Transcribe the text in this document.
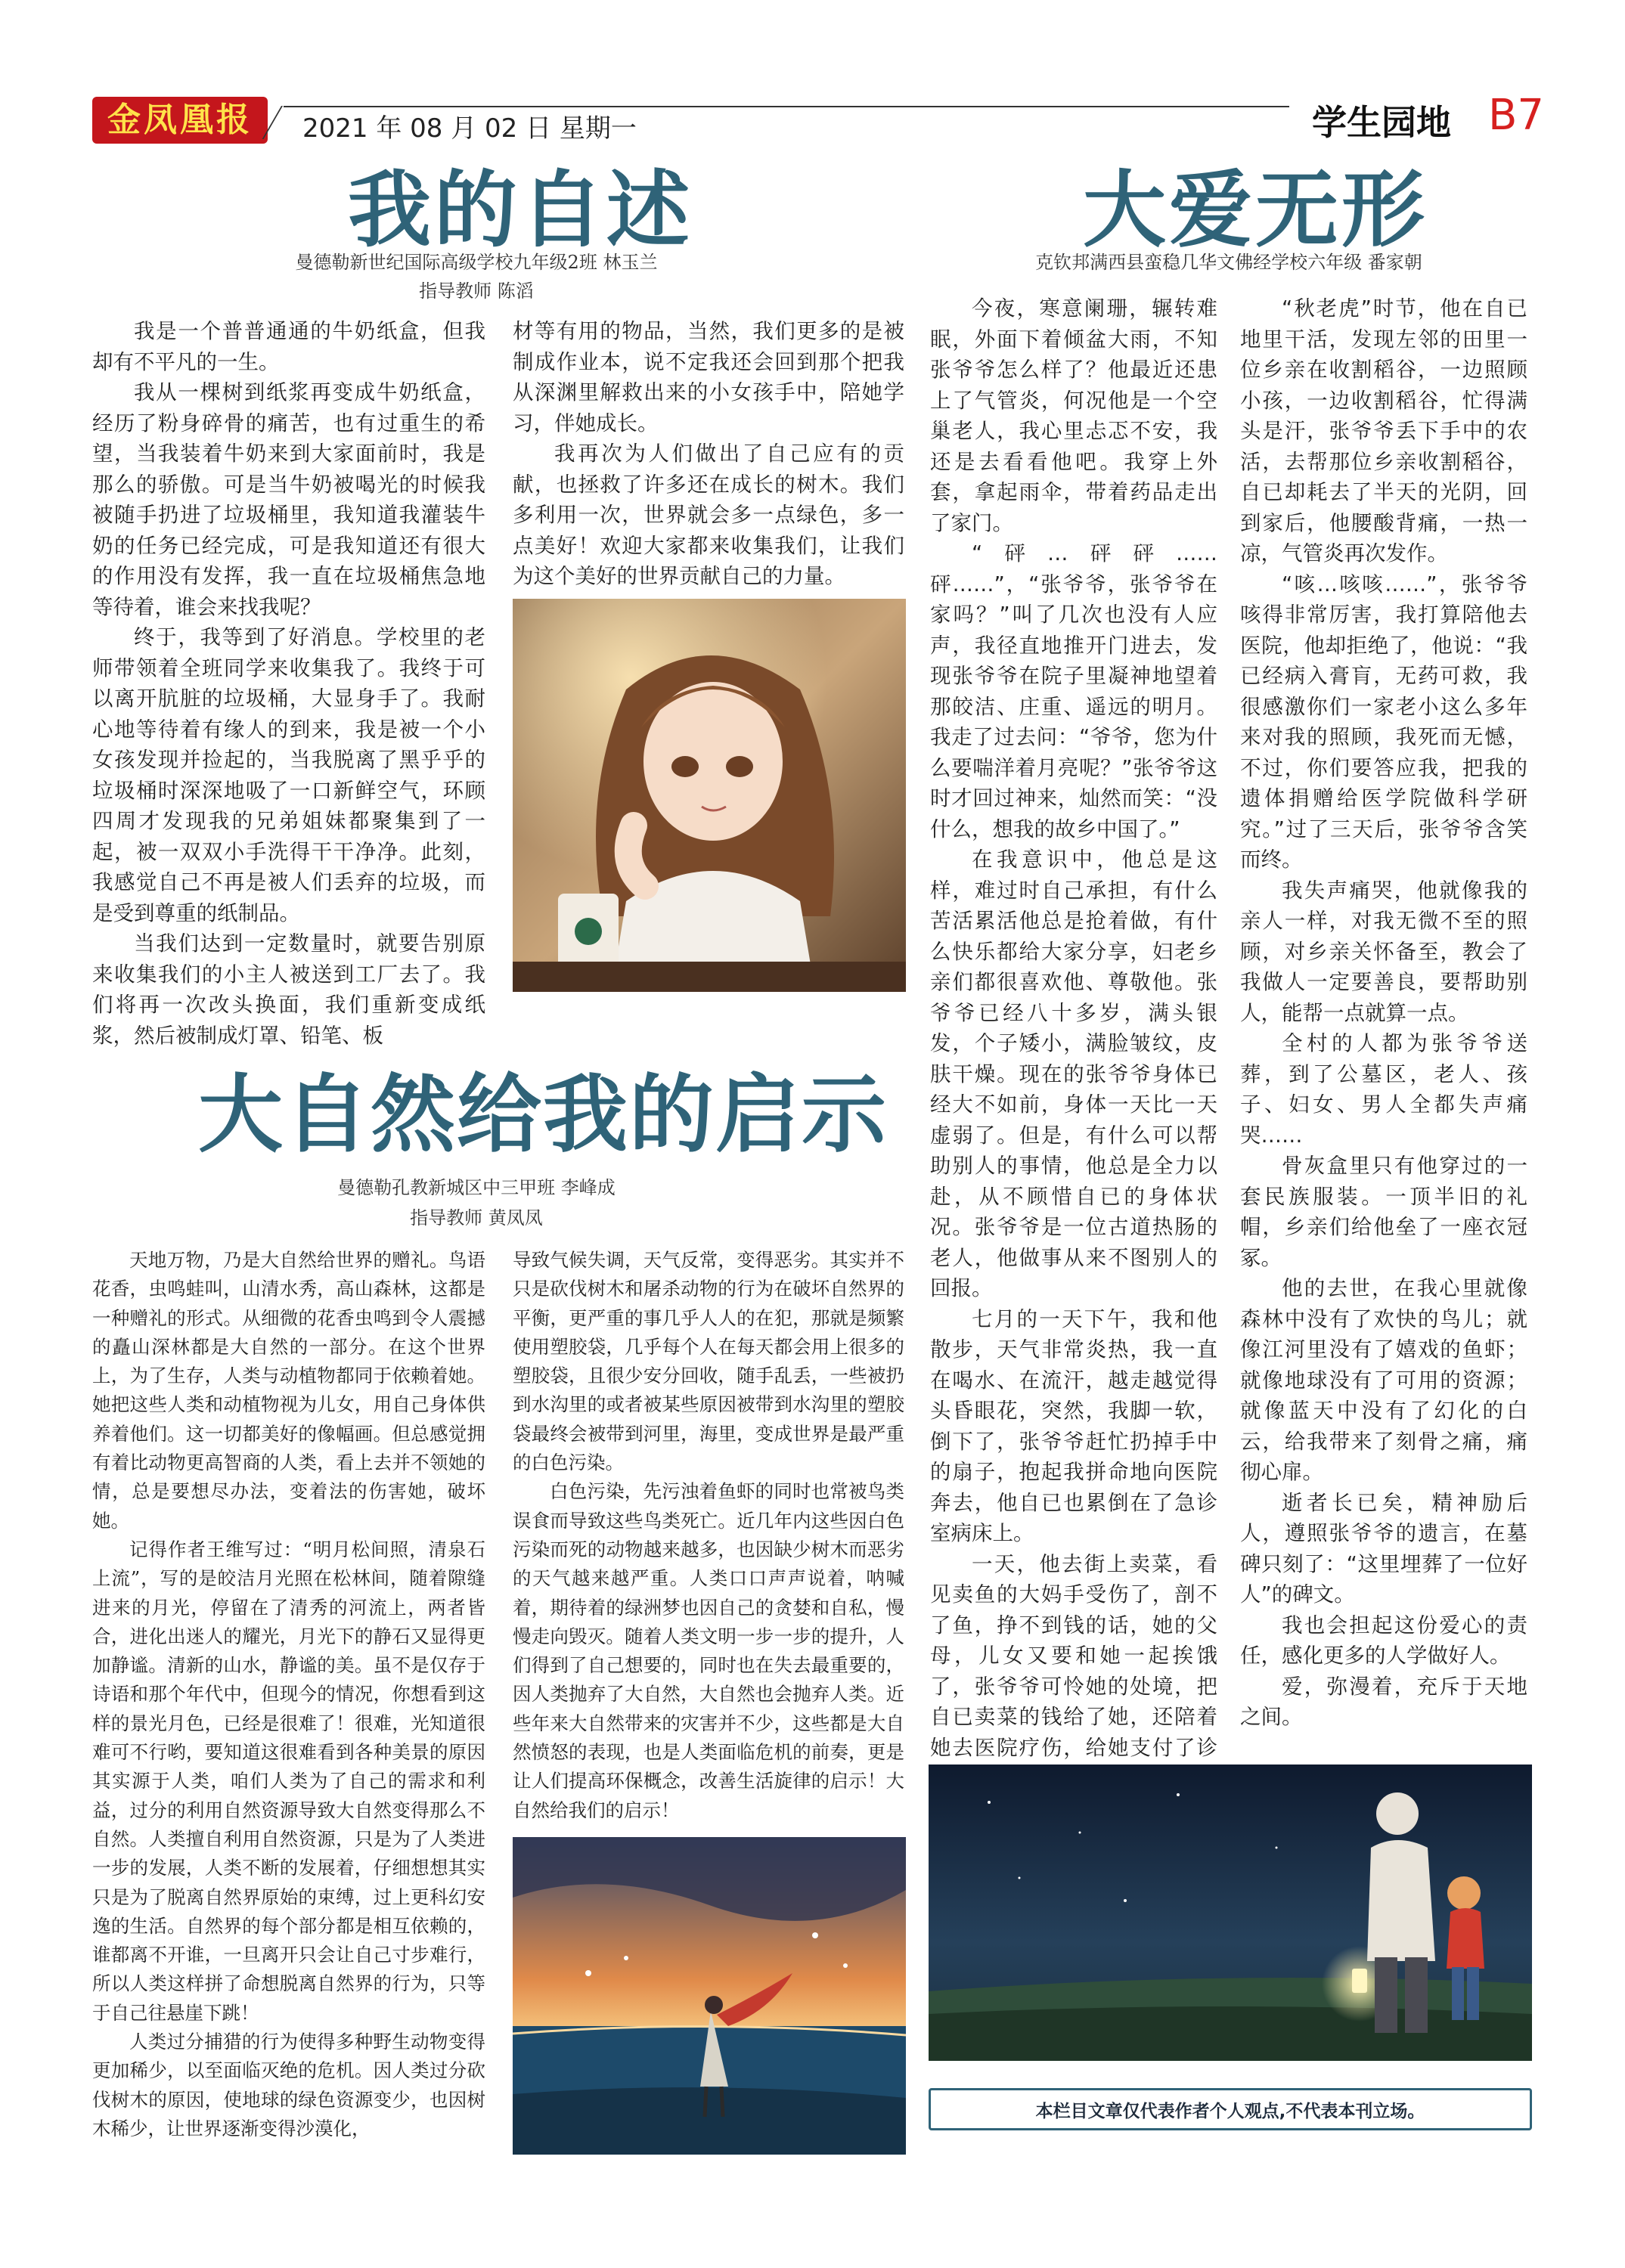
金凤凰报	2021 年 08 月 02 日 星期一	学生园地 B7
我的自述
曼德勒新世纪国际高级学校九年级2班 林玉兰
指导教师 陈滔

我是一个普普通通的牛奶纸盒，但我却有不平凡的一生。

我从一棵树到纸浆再变成牛奶纸盒，经历了粉身碎骨的痛苦，也有过重生的希望，当我装着牛奶来到大家面前时，我是那么的骄傲。可是当牛奶被喝光的时候我被随手扔进了垃圾桶里，我知道我灌装牛奶的任务已经完成，可是我知道还有很大的作用没有发挥，我一直在垃圾桶焦急地等待着，谁会来找我呢？

终于，我等到了好消息。学校里的老师带领着全班同学来收集我了。我终于可以离开肮脏的垃圾桶，大显身手了。我耐心地等待着有缘人的到来，我是被一个小女孩发现并捡起的，当我脱离了黑乎乎的垃圾桶时深深地吸了一口新鲜空气，环顾四周才发现我的兄弟姐妹都聚集到了一起，被一双双小手洗得干干净净。此刻，我感觉自己不再是被人们丢弃的垃圾，而是受到尊重的纸制品。

当我们达到一定数量时，就要告别原来收集我们的小主人被送到工厂去了。我们将再一次改头换面，我们重新变成纸浆，然后被制成灯罩、铅笔、板

材等有用的物品，当然，我们更多的是被制成作业本，说不定我还会回到那个把我从深渊里解救出来的小女孩手中，陪她学习，伴她成长。

我再次为人们做出了自己应有的贡献，也拯救了许多还在成长的树木。我们多利用一次，世界就会多一点绿色，多一点美好！欢迎大家都来收集我们，让我们为这个美好的世界贡献自己的力量。

大爱无形
克钦邦满西县蛮稳几华文佛经学校六年级 番家朝

今夜，寒意阑珊，辗转难眠，外面下着倾盆大雨，不知张爷爷怎么样了？他最近还患上了气管炎，何况他是一个空巢老人，我心里忐忑不安，我还是去看看他吧。我穿上外套，拿起雨伞，带着药品走出了家门。

“砰…砰砰……砰……”，“张爷爷，张爷爷在家吗？”叫了几次也没有人应声，我径直地推开门进去，发现张爷爷在院子里凝神地望着那皎洁、庄重、遥远的明月。我走了过去问：“爷爷，您为什么要喘洋着月亮呢？”张爷爷这时才回过神来，灿然而笑：“没什么，想我的故乡中国了。”

在我意识中，他总是这样，难过时自己承担，有什么苦活累活他总是抢着做，有什么快乐都给大家分享，妇老乡亲们都很喜欢他、尊敬他。张爷爷已经八十多岁，满头银发，个子矮小，满脸皱纹，皮肤干燥。现在的张爷爷身体已经大不如前，身体一天比一天虚弱了。但是，有什么可以帮助别人的事情，他总是全力以赴，从不顾惜自已的身体状况。张爷爷是一位古道热肠的老人，他做事从来不图别人的回报。

七月的一天下午，我和他散步，天气非常炎热，我一直在喝水、在流汗，越走越觉得头昏眼花，突然，我脚一软，倒下了，张爷爷赶忙扔掉手中的扇子，抱起我拼命地向医院奔去，他自已也累倒在了急诊室病床上。

一天，他去街上卖菜，看见卖鱼的大妈手受伤了，剖不了鱼，挣不到钱的话，她的父母，儿女又要和她一起挨饿了，张爷爷可怜她的处境，把自已卖菜的钱给了她，还陪着她去医院疗伤，给她支付了诊

“秋老虎”时节，他在自已地里干活，发现左邻的田里一位乡亲在收割稻谷，一边照顾小孩，一边收割稻谷，忙得满头是汗，张爷爷丢下手中的农活，去帮那位乡亲收割稻谷，自已却耗去了半天的光阴，回到家后，他腰酸背痛，一热一凉，气管炎再次发作。

“咳…咳咳……”，张爷爷咳得非常厉害，我打算陪他去医院，他却拒绝了，他说：“我已经病入膏肓，无药可救，我很感激你们一家老小这么多年来对我的照顾，我死而无憾，不过，你们要答应我，把我的遗体捐赠给医学院做科学研究。”过了三天后，张爷爷含笑而终。

我失声痛哭，他就像我的亲人一样，对我无微不至的照顾，对乡亲关怀备至，教会了我做人一定要善良，要帮助别人，能帮一点就算一点。

全村的人都为张爷爷送葬，到了公墓区，老人、孩子、妇女、男人全都失声痛哭……

骨灰盒里只有他穿过的一套民族服装。一顶半旧的礼帽，乡亲们给他垒了一座衣冠冢。

他的去世，在我心里就像森林中没有了欢快的鸟儿；就像江河里没有了嬉戏的鱼虾；就像地球没有了可用的资源；就像蓝天中没有了幻化的白云，给我带来了刻骨之痛，痛彻心扉。

逝者长已矣，精神励后人，遵照张爷爷的遗言，在墓碑只刻了：“这里埋葬了一位好人”的碑文。

我也会担起这份爱心的责任，感化更多的人学做好人。

爱，弥漫着，充斥于天地之间。

本栏目文章仅代表作者个人观点,不代表本刊立场。
大自然给我的启示
曼德勒孔教新城区中三甲班 李峰成
指导教师 黄凤凤

天地万物，乃是大自然给世界的赠礼。鸟语花香，虫鸣蛙叫，山清水秀，高山森林，这都是一种赠礼的形式。从细微的花香虫鸣到令人震撼的矗山深林都是大自然的一部分。在这个世界上，为了生存，人类与动植物都同于依赖着她。她把这些人类和动植物视为儿女，用自己身体供养着他们。这一切都美好的像幅画。但总感觉拥有着比动物更高智商的人类，看上去并不领她的情，总是要想尽办法，变着法的伤害她，破坏她。

记得作者王维写过：“明月松间照，清泉石上流”，写的是皎洁月光照在松林间，随着隙缝进来的月光，停留在了清秀的河流上，两者皆合，进化出迷人的耀光，月光下的静石又显得更加静谧。清新的山水，静谧的美。虽不是仅存于诗语和那个年代中，但现今的情况，你想看到这样的景光月色，已经是很难了！很难，光知道很难可不行哟，要知道这很难看到各种美景的原因其实源于人类，咱们人类为了自己的需求和利益，过分的利用自然资源导致大自然变得那么不自然。人类擅自利用自然资源，只是为了人类进一步的发展，人类不断的发展着，仔细想想其实只是为了脱离自然界原始的束缚，过上更科幻安逸的生活。自然界的每个部分都是相互依赖的，谁都离不开谁，一旦离开只会让自己寸步难行，所以人类这样拼了命想脱离自然界的行为，只等于自己往悬崖下跳！

人类过分捕猎的行为使得多种野生动物变得更加稀少，以至面临灭绝的危机。因人类过分砍伐树木的原因，使地球的绿色资源变少，也因树木稀少，让世界逐渐变得沙漠化，

导致气候失调，天气反常，变得恶劣。其实并不只是砍伐树木和屠杀动物的行为在破坏自然界的平衡，更严重的事几乎人人的在犯，那就是频繁使用塑胶袋，几乎每个人在每天都会用上很多的塑胶袋，且很少安分回收，随手乱丢，一些被扔到水沟里的或者被某些原因被带到水沟里的塑胶袋最终会被带到河里，海里，变成世界是最严重的白色污染。

白色污染，先污浊着鱼虾的同时也常被鸟类误食而导致这些鸟类死亡。近几年内这些因白色污染而死的动物越来越多，也因缺少树木而恶劣的天气越来越严重。人类口口声声说着，呐喊着，期待着的绿洲梦也因自己的贪婪和自私，慢慢走向毁灭。随着人类文明一步一步的提升，人们得到了自己想要的，同时也在失去最重要的，因人类抛弃了大自然，大自然也会抛弃人类。近些年来大自然带来的灾害并不少，这些都是大自然愤怒的表现，也是人类面临危机的前奏，更是让人们提高环保概念，改善生活旋律的启示！大自然给我们的启示！
